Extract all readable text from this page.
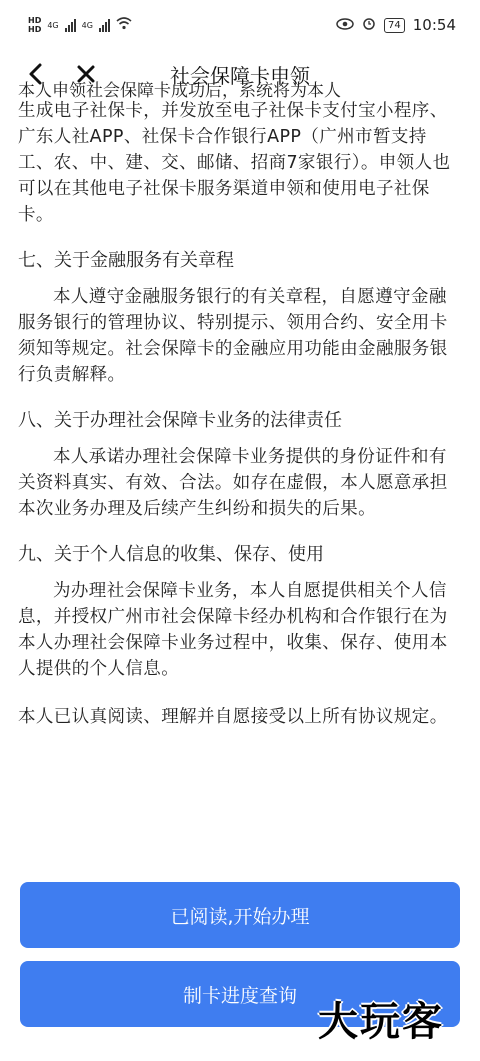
HD
HD 4G	4G	74 10:54
社会保障卡申领
本人申领社会保障卡成功后，系统将为本人

生成电子社保卡，并发放至电子社保卡支付宝小程序、广东人社APP、社保卡合作银行APP（广州市暂支持工、农、中、建、交、邮储、招商7家银行）。申领人也可以在其他电子社保卡服务渠道申领和使用电子社保卡。

七、关于金融服务有关章程

本人遵守金融服务银行的有关章程，自愿遵守金融服务银行的管理协议、特别提示、领用合约、安全用卡须知等规定。社会保障卡的金融应用功能由金融服务银行负责解释。

八、关于办理社会保障卡业务的法律责任

本人承诺办理社会保障卡业务提供的身份证件和有关资料真实、有效、合法。如存在虚假，本人愿意承担本次业务办理及后续产生纠纷和损失的后果。

九、关于个人信息的收集、保存、使用

为办理社会保障卡业务，本人自愿提供相关个人信息，并授权广州市社会保障卡经办机构和合作银行在为本人办理社会保障卡业务过程中，收集、保存、使用本人提供的个人信息。

本人已认真阅读、理解并自愿接受以上所有协议规定。

已阅读,开始办理
制卡进度查询
大玩客
